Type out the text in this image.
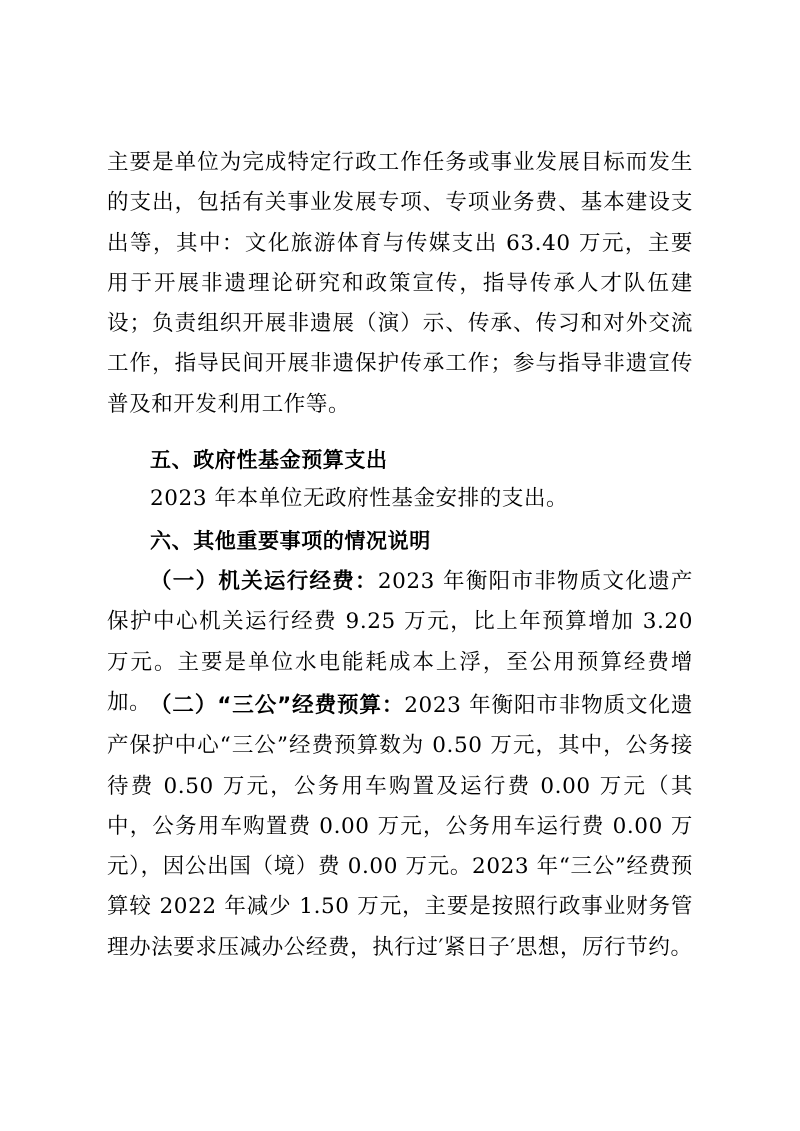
主要是单位为完成特定行政工作任务或事业发展目标而发生的支出，包括有关事业发展专项、专项业务费、基本建设支出等，其中：文化旅游体育与传媒支出 63.40 万元，主要用于开展非遗理论研究和政策宣传，指导传承人才队伍建设；负责组织开展非遗展（演）示、传承、传习和对外交流工作，指导民间开展非遗保护传承工作；参与指导非遗宣传普及和开发利用工作等。

五、政府性基金预算支出

2023 年本单位无政府性基金安排的支出。

六、其他重要事项的情况说明

（一）机关运行经费：2023 年衡阳市非物质文化遗产保护中心机关运行经费 9.25 万元，比上年预算增加 3.20 万元。主要是单位水电能耗成本上浮，至公用预算经费增加。

（二）“三公”经费预算：2023 年衡阳市非物质文化遗产保护中心“三公”经费预算数为 0.50 万元，其中，公务接待费 0.50 万元，公务用车购置及运行费 0.00 万元（其中，公务用车购置费 0.00 万元，公务用车运行费 0.00 万元），因公出国（境）费 0.00 万元。2023 年“三公”经费预算较 2022 年减少 1.50 万元，主要是按照行政事业财务管理办法要求压减办公经费，执行过′紧日子′思想，厉行节约。
